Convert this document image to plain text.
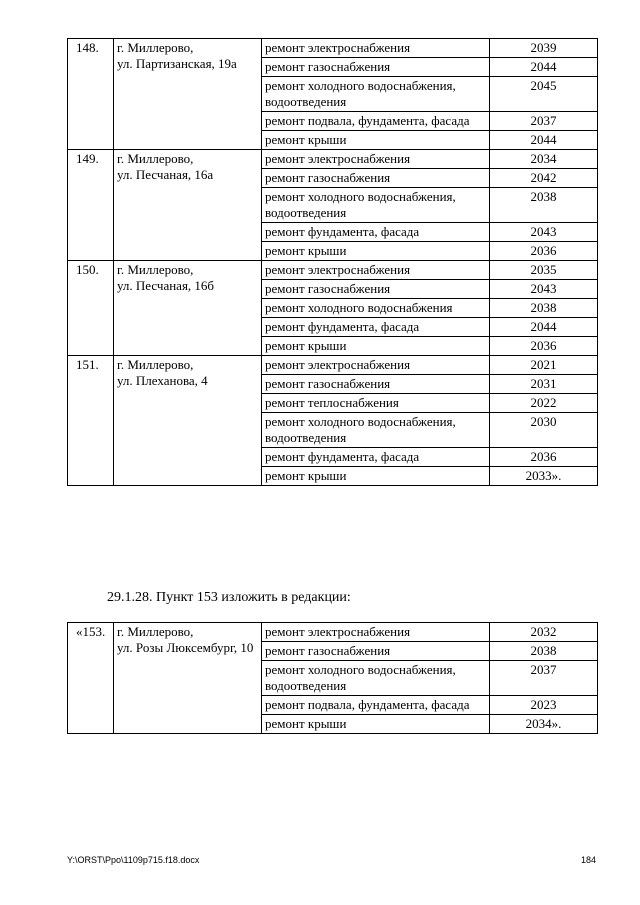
148.	г. Миллерово,
ул. Партизанская, 19а	ремонт электроснабжения	2039
		ремонт газоснабжения	2044
		ремонт холодного водоснабжения, водоотведения	2045
		ремонт подвала, фундамента, фасада	2037
		ремонт крыши	2044
149.	г. Миллерово,
ул. Песчаная, 16а	ремонт электроснабжения	2034
		ремонт газоснабжения	2042
		ремонт холодного водоснабжения, водоотведения	2038
		ремонт фундамента, фасада	2043
		ремонт крыши	2036
150.	г. Миллерово,
ул. Песчаная, 16б	ремонт электроснабжения	2035
		ремонт газоснабжения	2043
		ремонт холодного водоснабжения	2038
		ремонт фундамента, фасада	2044
		ремонт крыши	2036
151.	г. Миллерово,
ул. Плеханова, 4	ремонт электроснабжения	2021
		ремонт газоснабжения	2031
		ремонт теплоснабжения	2022
		ремонт холодного водоснабжения, водоотведения	2030
		ремонт фундамента, фасада	2036
		ремонт крыши	2033».
29.1.28. Пункт 153 изложить в редакции:
«153.	г. Миллерово,
ул. Розы Люксембург, 10	ремонт электроснабжения	2032
		ремонт газоснабжения	2038
		ремонт холодного водоснабжения, водоотведения	2037
		ремонт подвала, фундамента, фасада	2023
		ремонт крыши	2034».
Y:\ORST\Ppo\1109p715.f18.docx	184
